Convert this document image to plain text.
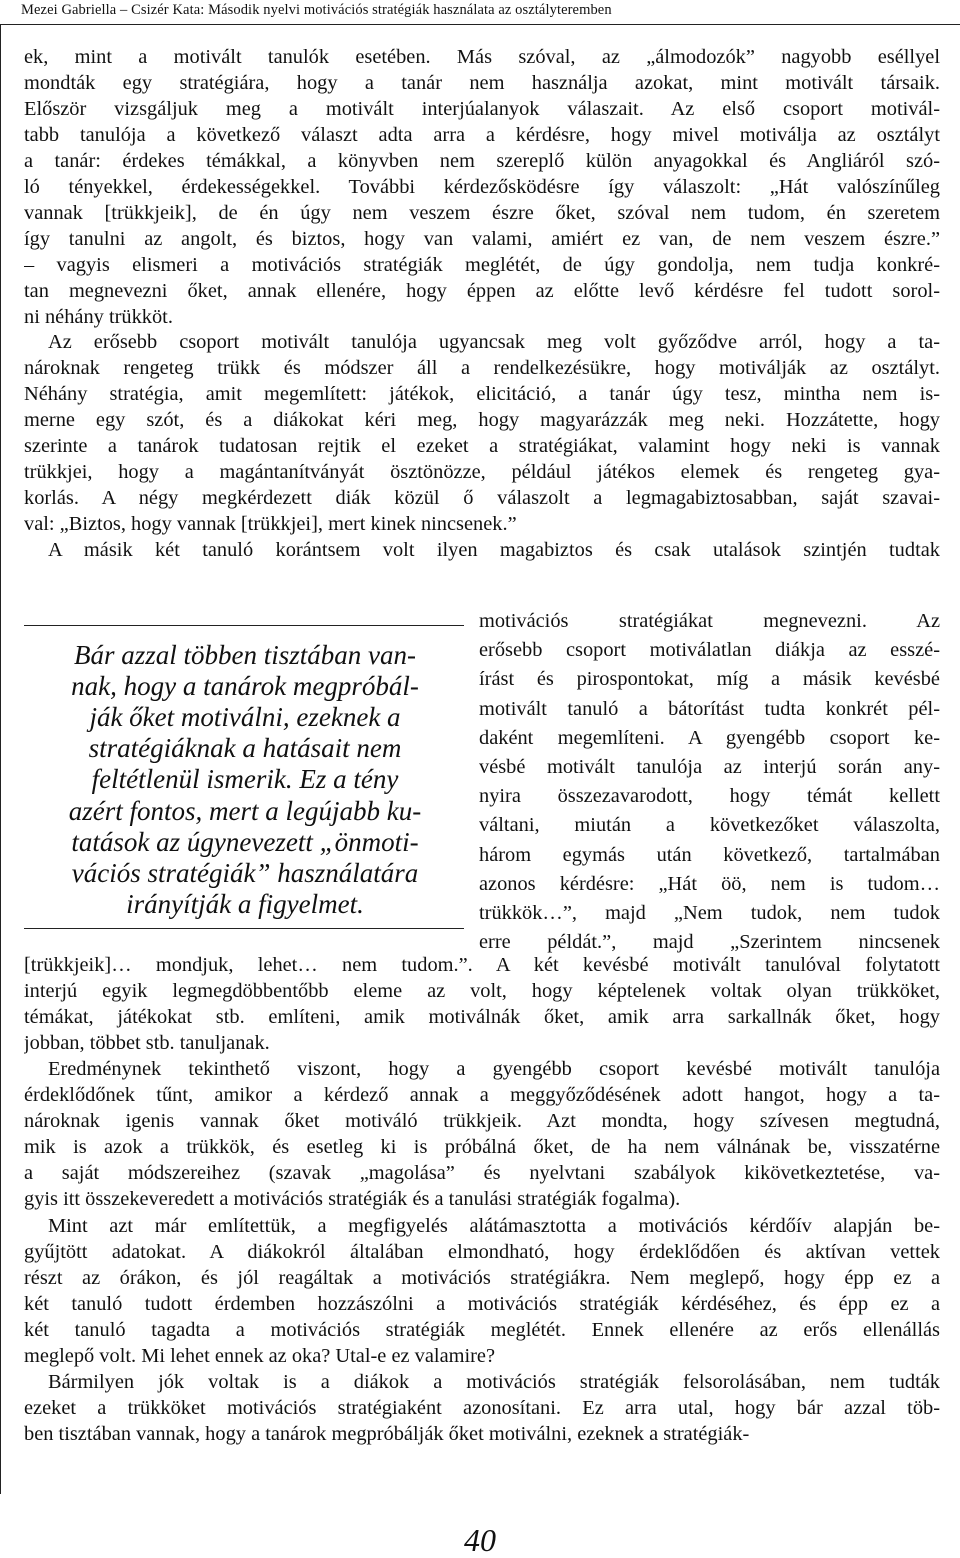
Mezei Gabriella – Csizér Kata: Második nyelvi motivációs stratégiák használata az osztályteremben
ek, mint a motivált tanulók esetében. Más szóval, az „álmodozók” nagyobb eséllyel
mondták egy stratégiára, hogy a tanár nem használja azokat, mint motivált társaik.
Először vizsgáljuk meg a motivált interjúalanyok válaszait. Az első csoport motivál-
tabb tanulója a következő választ adta arra a kérdésre, hogy mivel motiválja az osztályt
a tanár: érdekes témákkal, a könyvben nem szereplő külön anyagokkal és Angliáról szó-
ló tényekkel, érdekességekkel. További kérdezősködésre így válaszolt: „Hát valószínűleg
vannak [trükkjeik], de én úgy nem veszem észre őket, szóval nem tudom, én szeretem
így tanulni az angolt, és biztos, hogy van valami, amiért ez van, de nem veszem észre.”
– vagyis elismeri a motivációs stratégiák meglétét, de úgy gondolja, nem tudja konkré-
tan megnevezni őket, annak ellenére, hogy éppen az előtte levő kérdésre fel tudott sorol-
ni néhány trükköt.
Az erősebb csoport motivált tanulója ugyancsak meg volt győződve arról, hogy a ta-
nároknak rengeteg trükk és módszer áll a rendelkezésükre, hogy motiválják az osztályt.
Néhány stratégia, amit megemlített: játékok, elicitáció, a tanár úgy tesz, mintha nem is-
merne egy szót, és a diákokat kéri meg, hogy magyarázzák meg neki. Hozzátette, hogy
szerinte a tanárok tudatosan rejtik el ezeket a stratégiákat, valamint hogy neki is vannak
trükkjei, hogy a magántanítványát ösztönözze, például játékos elemek és rengeteg gya-
korlás. A négy megkérdezett diák közül ő válaszolt a legmagabiztosabban, saját szavai-
val: „Biztos, hogy vannak [trükkjei], mert kinek nincsenek.”
A másik két tanuló korántsem volt ilyen magabiztos és csak utalások szintjén tudtak
motivációs stratégiákat megnevezni. Az
erősebb csoport motiválatlan diákja az esszé-
írást és pirospontokat, míg a másik kevésbé
motivált tanuló a bátorítást tudta konkrét pél-
daként megemlíteni. A gyengébb csoport ke-
vésbé motivált tanulója az interjú során any-
nyira összezavarodott, hogy témát kellett
váltani, miután a következőket válaszolta,
három egymás után következő, tartalmában
azonos kérdésre: „Hát öö, nem is tudom…
trükkök…”, majd „Nem tudok, nem tudok
erre példát.”, majd „Szerintem nincsenek
Bár azzal többen tisztában van-
nak, hogy a tanárok megpróbál-
ják őket motiválni, ezeknek a
stratégiáknak a hatásait nem
feltétlenül ismerik. Ez a tény
azért fontos, mert a legújabb ku-
tatások az úgynevezett „önmoti-
vációs stratégiák” használatára
irányítják a figyelmet.
[trükkjeik]… mondjuk, lehet… nem tudom.”. A két kevésbé motivált tanulóval folytatott
interjú egyik legmegdöbbentőbb eleme az volt, hogy képtelenek voltak olyan trükköket,
témákat, játékokat stb. említeni, amik motiválnák őket, amik arra sarkallnák őket, hogy
jobban, többet stb. tanuljanak.
Eredménynek tekinthető viszont, hogy a gyengébb csoport kevésbé motivált tanulója
érdeklődőnek tűnt, amikor a kérdező annak a meggyőződésének adott hangot, hogy a ta-
nároknak igenis vannak őket motiváló trükkjeik. Azt mondta, hogy szívesen megtudná,
mik is azok a trükkök, és esetleg ki is próbálná őket, de ha nem válnának be, visszatérne
a saját módszereihez (szavak „magolása” és nyelvtani szabályok kikövetkeztetése, va-
gyis itt összekeveredett a motivációs stratégiák és a tanulási stratégiák fogalma).
Mint azt már említettük, a megfigyelés alátámasztotta a motivációs kérdőív alapján be-
gyűjtött adatokat. A diákokról általában elmondható, hogy érdeklődően és aktívan vettek
részt az órákon, és jól reagáltak a motivációs stratégiákra. Nem meglepő, hogy épp ez a
két tanuló tudott érdemben hozzászólni a motivációs stratégiák kérdéséhez, és épp ez a
két tanuló tagadta a motivációs stratégiák meglétét. Ennek ellenére az erős ellenállás
meglepő volt. Mi lehet ennek az oka? Utal-e ez valamire?
Bármilyen jók voltak is a diákok a motivációs stratégiák felsorolásában, nem tudták
ezeket a trükköket motivációs stratégiaként azonosítani. Ez arra utal, hogy bár azzal töb-
ben tisztában vannak, hogy a tanárok megpróbálják őket motiválni, ezeknek a stratégiák-
40
